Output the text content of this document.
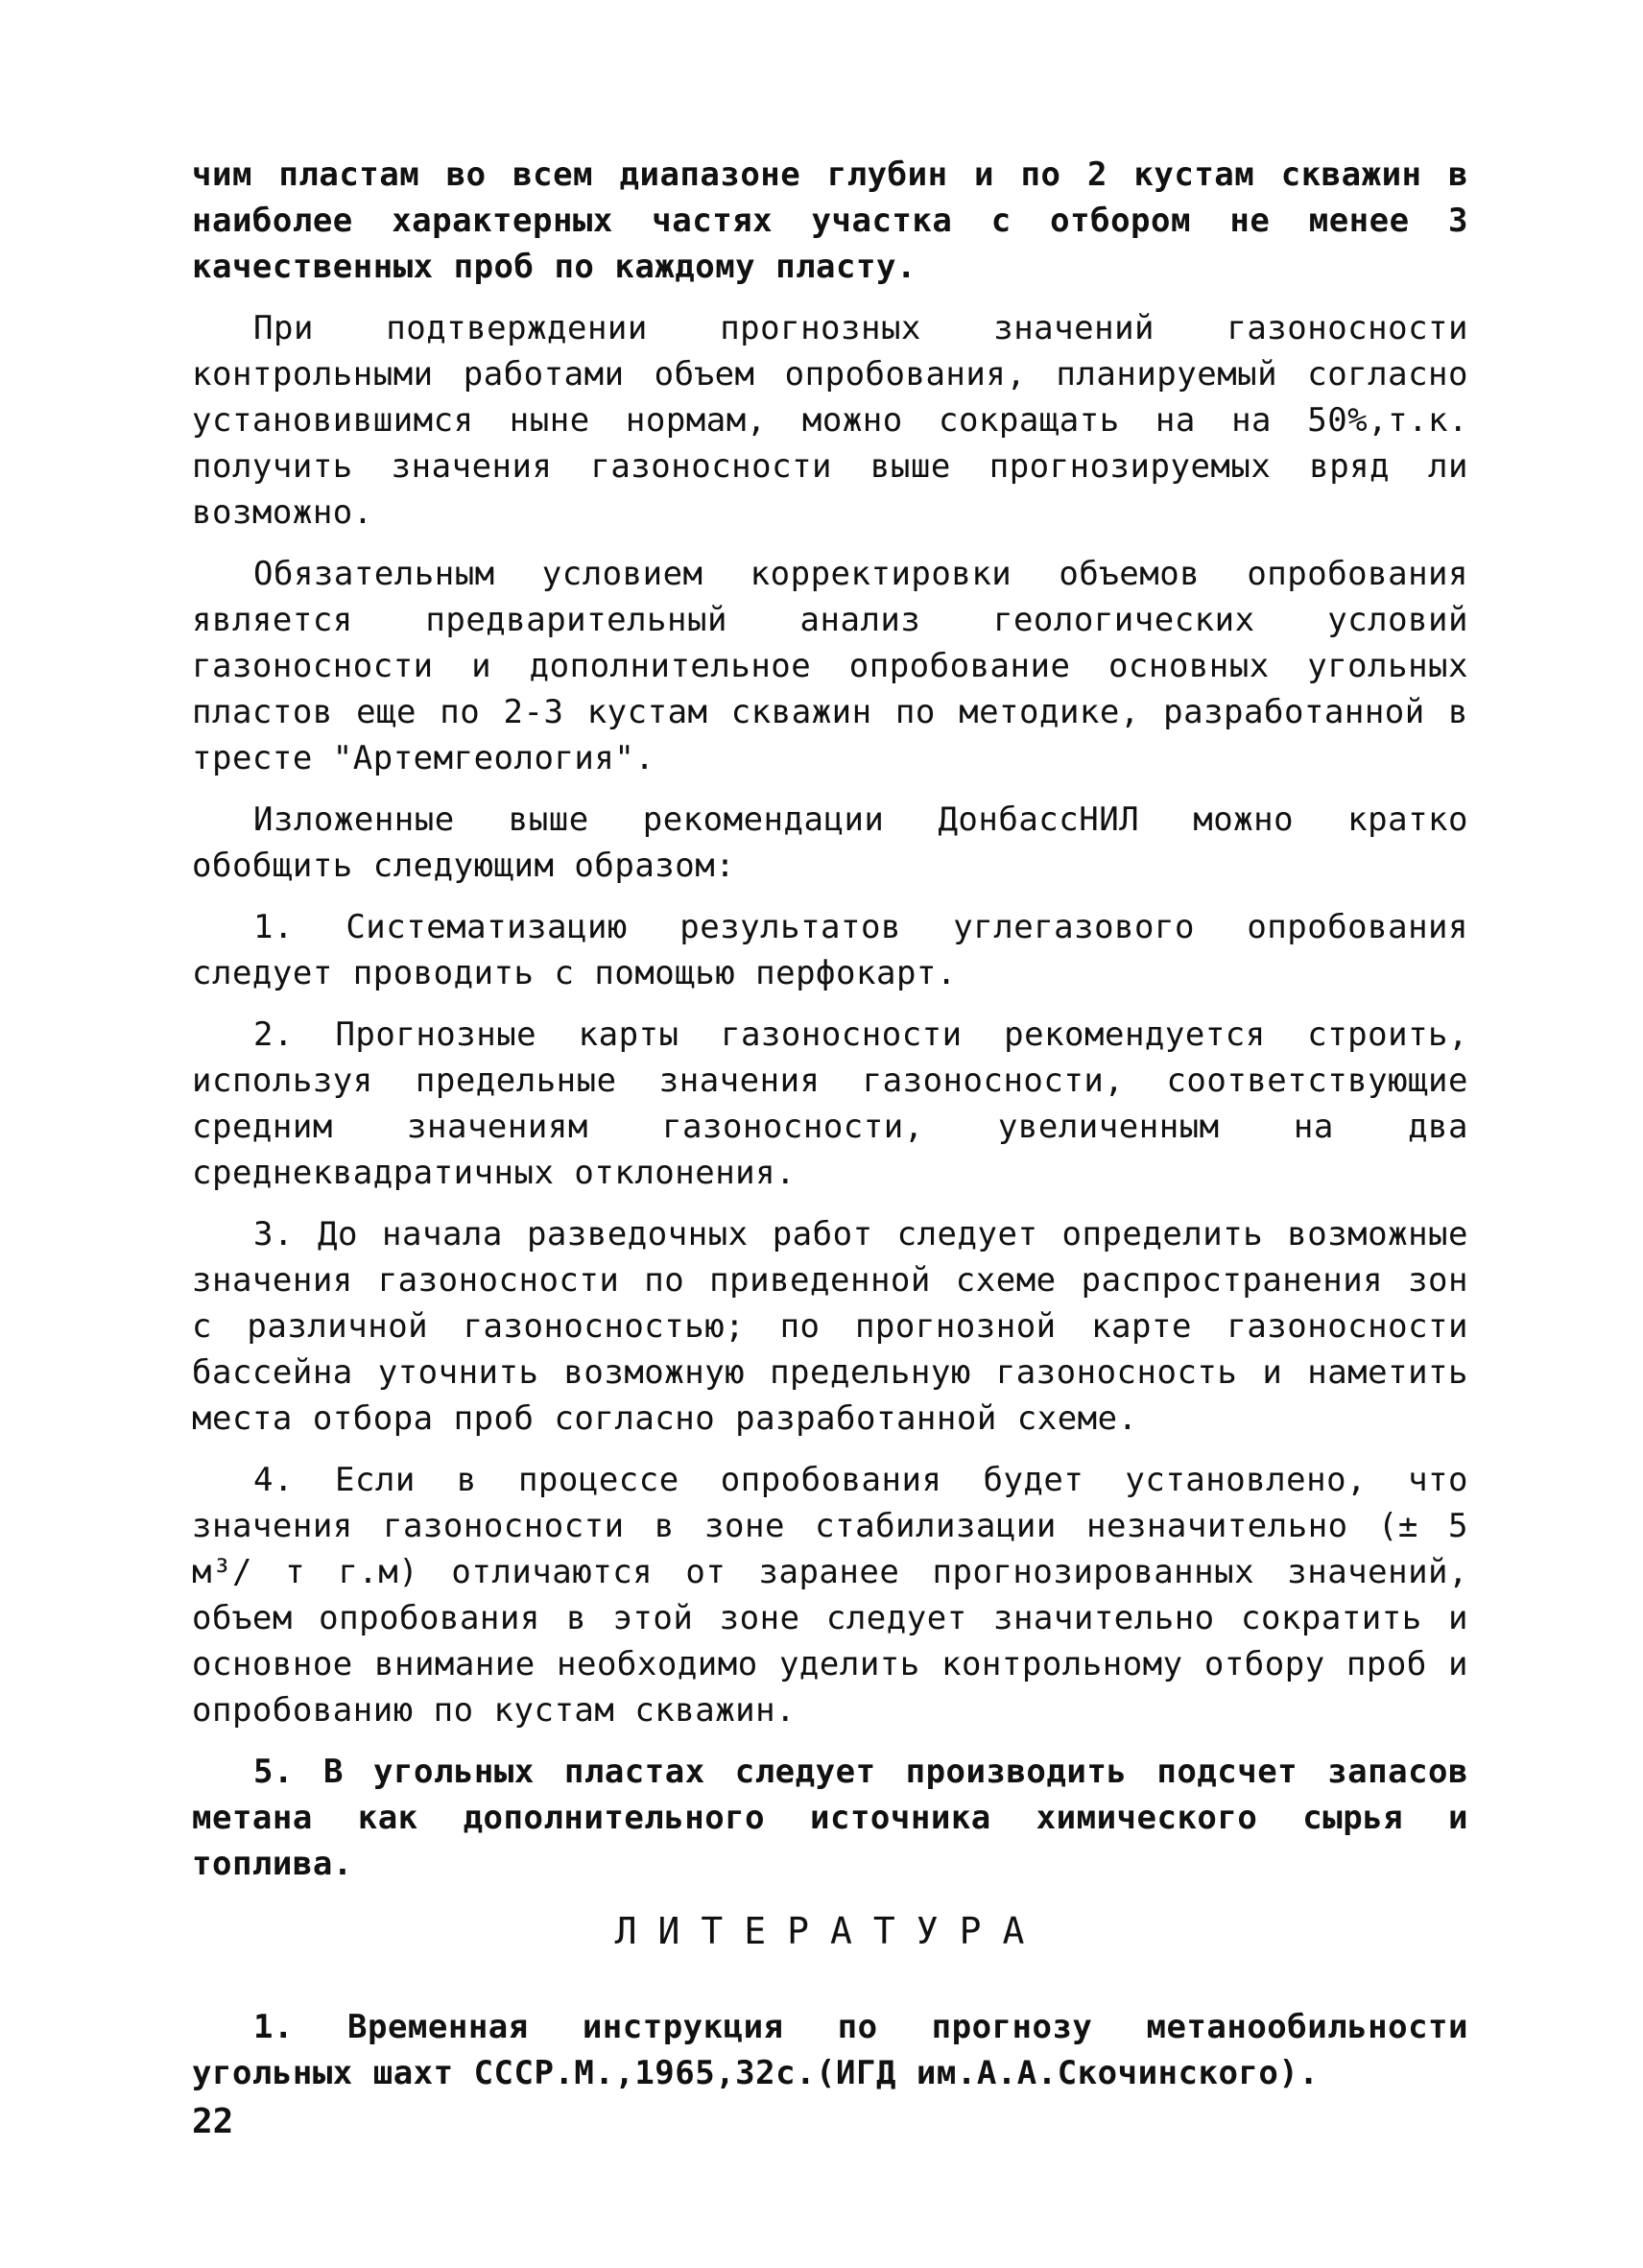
чим пластам во всем диапазоне глубин и по 2 кустам скважин в наиболее характерных частях участка с отбором не менее 3 качественных проб по каждому пласту.

При подтверждении прогнозных значений газоносности контрольными работами объем опробования, планируемый согласно установившимся ныне нормам, можно сокращать на на 50%,т.к. получить значения газоносности выше прогнозируемых вряд ли возможно.

Обязательным условием корректировки объемов опробования является предварительный анализ геологических условий газоносности и дополнительное опробование основных угольных пластов еще по 2-3 кустам скважин по методике, разработанной в тресте "Артемгеология".

Изложенные выше рекомендации ДонбассНИЛ можно кратко обобщить следующим образом:

1. Систематизацию результатов углегазового опробования следует проводить с помощью перфокарт.

2. Прогнозные карты газоносности рекомендуется строить, используя предельные значения газоносности, соответствующие средним значениям газоносности, увеличенным на два среднеквадратичных отклонения.

3. До начала разведочных работ следует определить возможные значения газоносности по приведенной схеме распространения зон с различной газоносностью; по прогнозной карте газоносности бассейна уточнить возможную предельную газоносность и наметить места отбора проб согласно разработанной схеме.

4. Если в процессе опробования будет установлено, что значения газоносности в зоне стабилизации незначительно (± 5 м³/ т г.м) отличаются от заранее прогнозированных значений, объем опробования в этой зоне следует значительно сократить и основное внимание необходимо уделить контрольному отбору проб и опробованию по кустам скважин.

5. В угольных пластах следует производить подсчет запасов метана как дополнительного источника химического сырья и топлива.

ЛИТЕРАТУРА

1. Временная инструкция по прогнозу метанообильности угольных шахт СССР.М.,1965,32с.(ИГД им.А.А.Скочинского).

22
